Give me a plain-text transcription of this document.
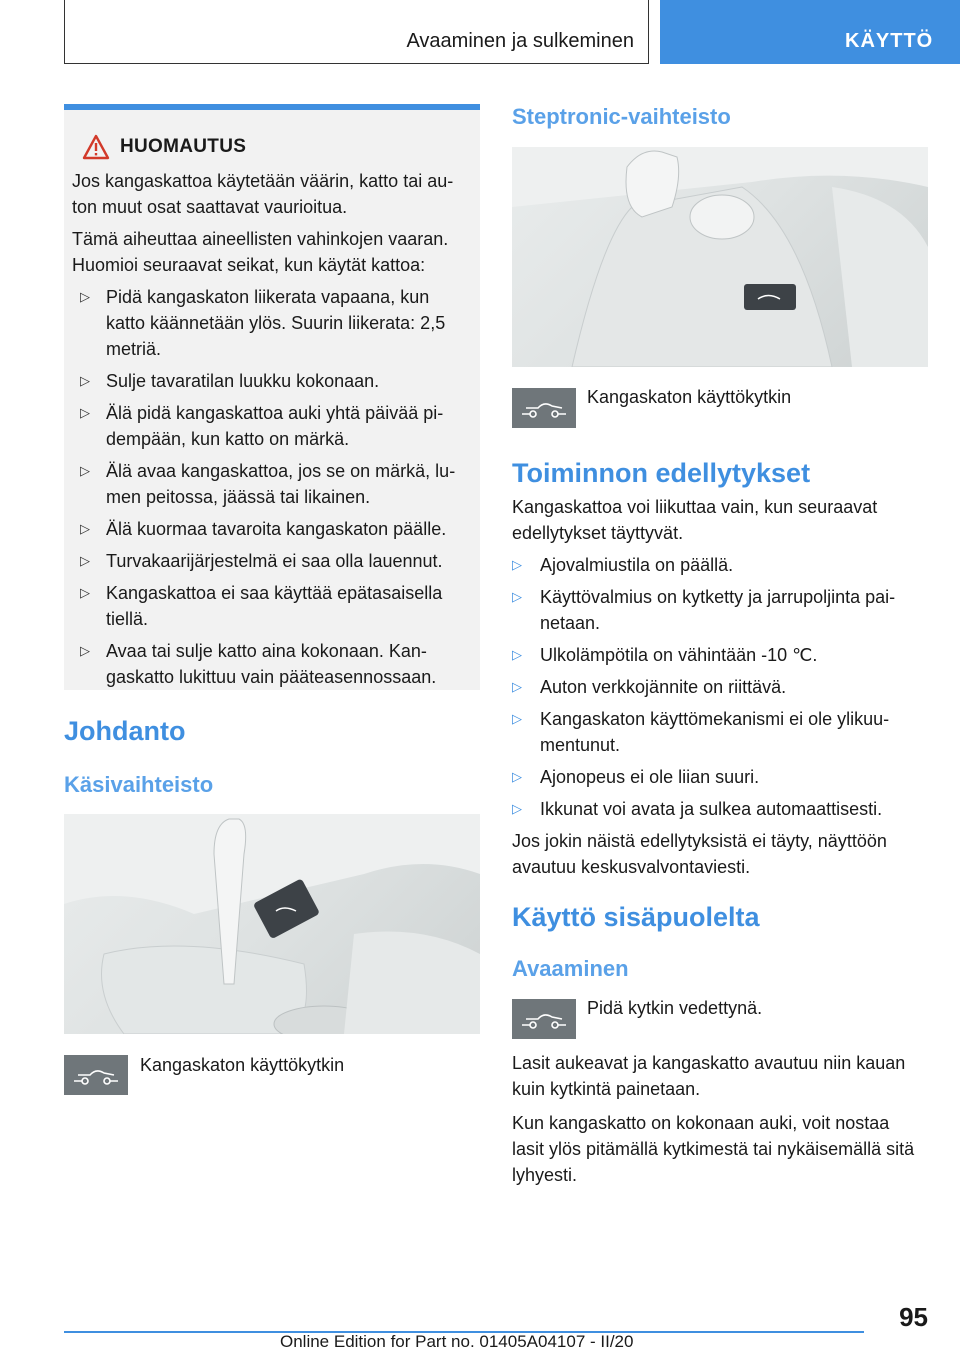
Avaaminen ja sulkeminen	KÄYTTÖ
HUOMAUTUS

Jos kangaskattoa käytetään väärin, katto tai au-ton muut osat saattavat vaurioitua.

Tämä aiheuttaa aineellisten vahinkojen vaaran. Huomioi seuraavat seikat, kun käytät kattoa:

▷ Pidä kangaskaton liikerata vapaana, kun katto käännetään ylös. Suurin liikerata: 2,5 metriä.
▷ Sulje tavaratilan luukku kokonaan.
▷ Älä pidä kangaskattoa auki yhtä päivää pi-dempään, kun katto on märkä.
▷ Älä avaa kangaskattoa, jos se on märkä, lu-men peitossa, jäässä tai likainen.
▷ Älä kuormaa tavaroita kangaskaton päälle.
▷ Turvakaarijärjestelmä ei saa olla lauennut.
▷ Kangaskattoa ei saa käyttää epätasaisella tiellä.
▷ Avaa tai sulje katto aina kokonaan. Kan-gaskatto lukittuu vain pääteasennossaan.
Johdanto
Käsivaihteisto
Kangaskaton käyttökytkin
Steptronic-vaihteisto
Kangaskaton käyttökytkin
Toiminnon edellytykset

Kangaskattoa voi liikuttaa vain, kun seuraavat edellytykset täyttyvät.

▷ Ajovalmiustila on päällä.
▷ Käyttövalmius on kytketty ja jarrupoljinta pai-netaan.
▷ Ulkolämpötila on vähintään -10 ℃.
▷ Auton verkkojännite on riittävä.
▷ Kangaskaton käyttömekanismi ei ole ylikuu-mentunut.
▷ Ajonopeus ei ole liian suuri.
▷ Ikkunat voi avata ja sulkea automaattisesti.

Jos jokin näistä edellytyksistä ei täyty, näyttöön avautuu keskusvalvontaviesti.

Käyttö sisäpuolelta
Avaaminen
Pidä kytkin vedettynä.

Lasit aukeavat ja kangaskatto avautuu niin kauan kuin kytkintä painetaan.

Kun kangaskatto on kokonaan auki, voit nostaa lasit ylös pitämällä kytkimestä tai nykäisemällä sitä lyhyesti.

95
Online Edition for Part no. 01405A04107 - II/20
